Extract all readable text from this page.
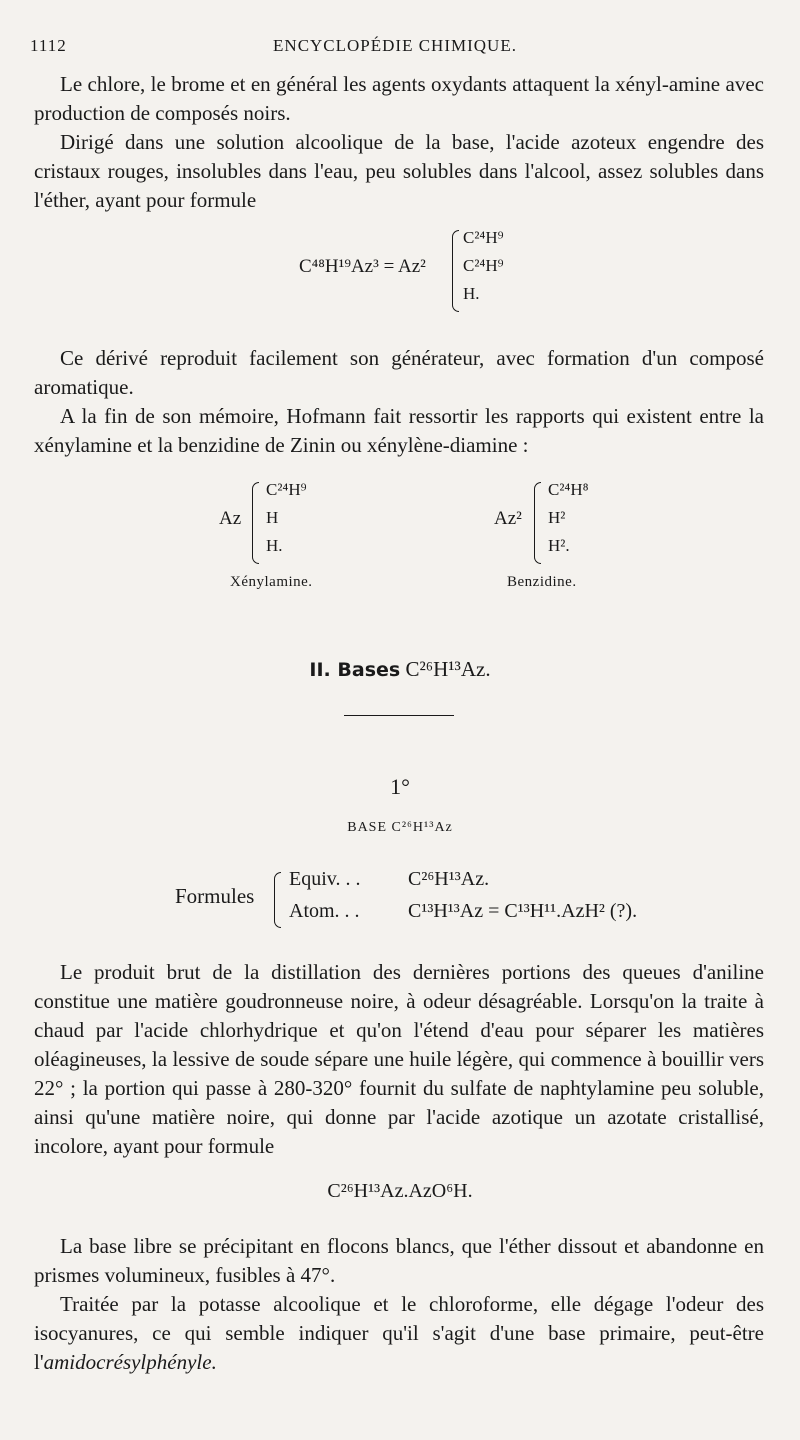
1112	ENCYCLOPÉDIE CHIMIQUE.

Le chlore, le brome et en général les agents oxydants attaquent la xényl-amine avec production de composés noirs.

Dirigé dans une solution alcoolique de la base, l'acide azoteux engendre des cristaux rouges, insolubles dans l'eau, peu solubles dans l'alcool, assez solubles dans l'éther, ayant pour formule

C⁴⁸H¹⁹Az³ = Az²
C²⁴H⁹
C²⁴H⁹
H.

Ce dérivé reproduit facilement son générateur, avec formation d'un composé aromatique.

A la fin de son mémoire, Hofmann fait ressortir les rapports qui existent entre la xénylamine et la benzidine de Zinin ou xénylène-diamine :

Az
C²⁴H⁹
H
H.
Xénylamine.
Az²
C²⁴H⁸
H²
H².
Benzidine.
II. Bases C²⁶H¹³Az.
1°
BASE C²⁶H¹³Az
Formules
Equiv. . . C²⁶H¹³Az.
Atom. . . C¹³H¹³Az = C¹³H¹¹.AzH² (?).

Le produit brut de la distillation des dernières portions des queues d'aniline constitue une matière goudronneuse noire, à odeur désagréable. Lorsqu'on la traite à chaud par l'acide chlorhydrique et qu'on l'étend d'eau pour séparer les matières oléagineuses, la lessive de soude sépare une huile légère, qui commence à bouillir vers 22° ; la portion qui passe à 280-320° fournit du sulfate de naphtylamine peu soluble, ainsi qu'une matière noire, qui donne par l'acide azotique un azotate cristallisé, incolore, ayant pour formule

C²⁶H¹³Az.AzO⁶H.

La base libre se précipitant en flocons blancs, que l'éther dissout et abandonne en prismes volumineux, fusibles à 47°.

Traitée par la potasse alcoolique et le chloroforme, elle dégage l'odeur des isocyanures, ce qui semble indiquer qu'il s'agit d'une base primaire, peut-être l'amidocrésylphényle.
